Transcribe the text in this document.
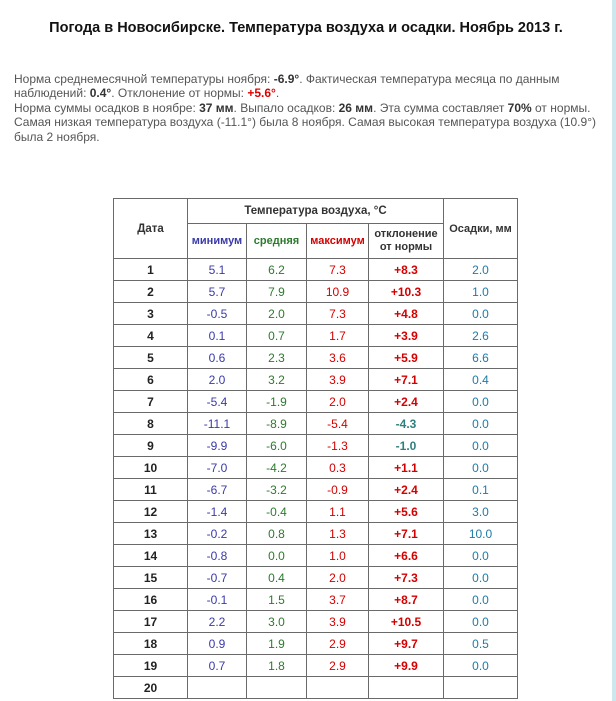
Погода в Новосибирске. Температура воздуха и осадки. Ноябрь 2013 г.
Норма среднемесячной температуры ноября: -6.9°. Фактическая температура месяца по данным наблюдений: 0.4°. Отклонение от нормы: +5.6°.
Норма суммы осадков в ноябре: 37 мм. Выпало осадков: 26 мм. Эта сумма составляет 70% от нормы.
Самая низкая температура воздуха (-11.1°) была 8 ноября. Самая высокая температура воздуха (10.9°) была 2 ноября.
Дата	Температура воздуха, °С				Осадки, мм
	минимум	средняя	максимум	отклонение от нормы	
1	5.1	6.2	7.3	+8.3	2.0
2	5.7	7.9	10.9	+10.3	1.0
3	-0.5	2.0	7.3	+4.8	0.0
4	0.1	0.7	1.7	+3.9	2.6
5	0.6	2.3	3.6	+5.9	6.6
6	2.0	3.2	3.9	+7.1	0.4
7	-5.4	-1.9	2.0	+2.4	0.0
8	-11.1	-8.9	-5.4	-4.3	0.0
9	-9.9	-6.0	-1.3	-1.0	0.0
10	-7.0	-4.2	0.3	+1.1	0.0
11	-6.7	-3.2	-0.9	+2.4	0.1
12	-1.4	-0.4	1.1	+5.6	3.0
13	-0.2	0.8	1.3	+7.1	10.0
14	-0.8	0.0	1.0	+6.6	0.0
15	-0.7	0.4	2.0	+7.3	0.0
16	-0.1	1.5	3.7	+8.7	0.0
17	2.2	3.0	3.9	+10.5	0.0
18	0.9	1.9	2.9	+9.7	0.5
19	0.7	1.8	2.9	+9.9	0.0
20					
